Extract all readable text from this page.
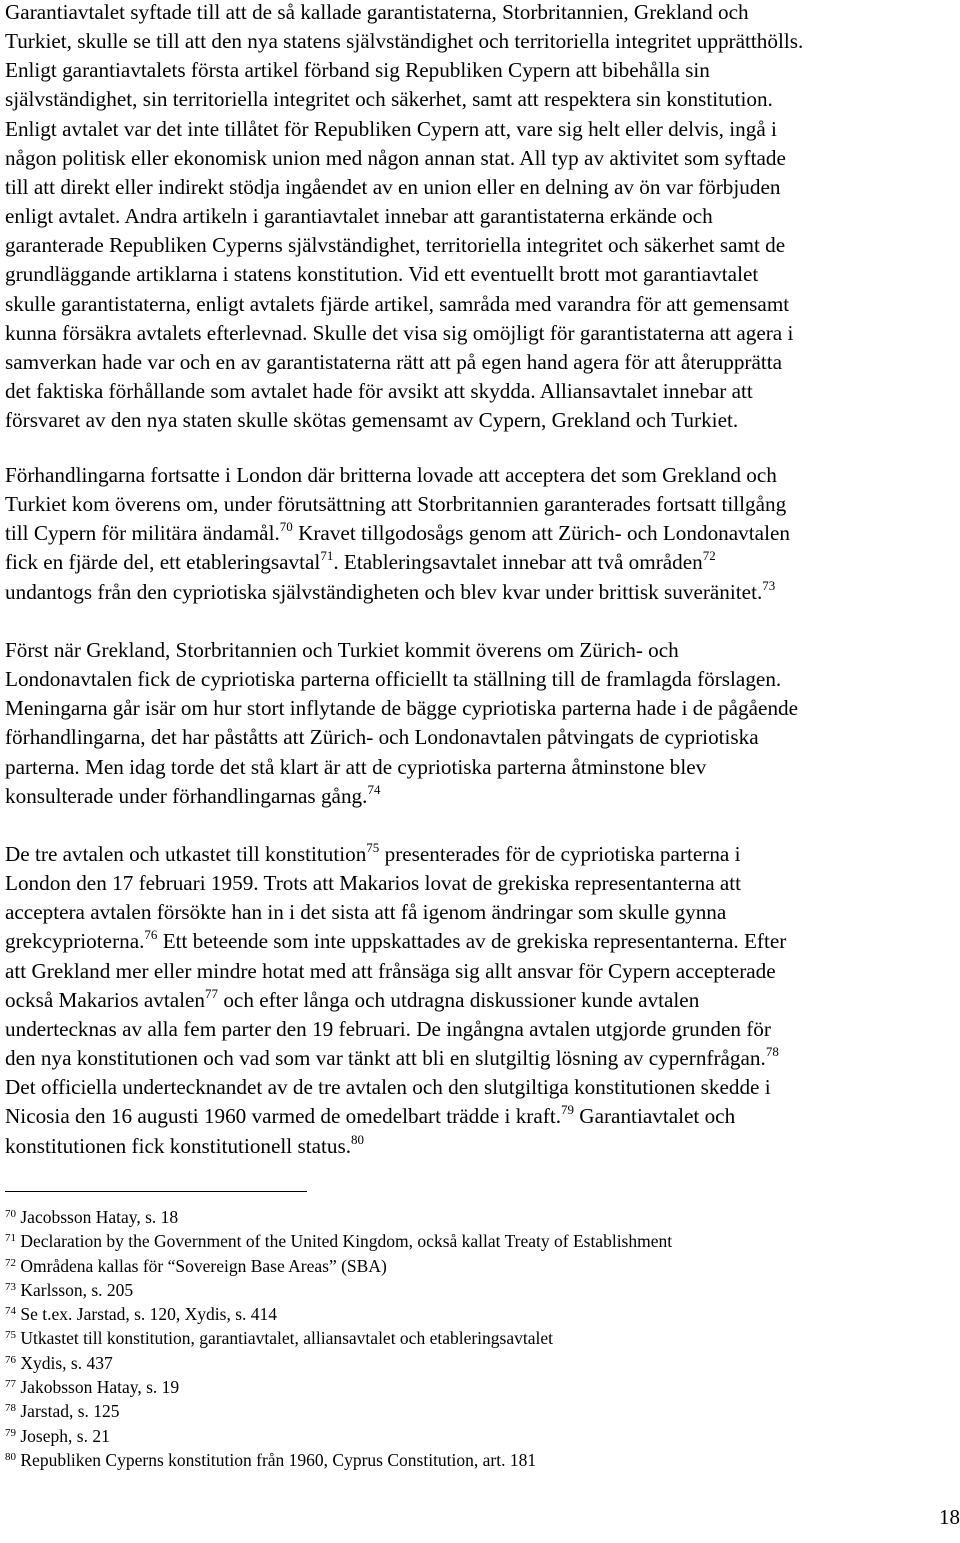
Garantiavtalet syftade till att de så kallade garantistaterna, Storbritannien, Grekland och
Turkiet, skulle se till att den nya statens självständighet och territoriella integritet upprätthölls.
Enligt garantiavtalets första artikel förband sig Republiken Cypern att bibehålla sin
självständighet, sin territoriella integritet och säkerhet, samt att respektera sin konstitution.
Enligt avtalet var det inte tillåtet för Republiken Cypern att, vare sig helt eller delvis, ingå i
någon politisk eller ekonomisk union med någon annan stat. All typ av aktivitet som syftade
till att direkt eller indirekt stödja ingåendet av en union eller en delning av ön var förbjuden
enligt avtalet. Andra artikeln i garantiavtalet innebar att garantistaterna erkände och
garanterade Republiken Cyperns självständighet, territoriella integritet och säkerhet samt de
grundläggande artiklarna i statens konstitution. Vid ett eventuellt brott mot garantiavtalet
skulle garantistaterna, enligt avtalets fjärde artikel, samråda med varandra för att gemensamt
kunna försäkra avtalets efterlevnad. Skulle det visa sig omöjligt för garantistaterna att agera i
samverkan hade var och en av garantistaterna rätt att på egen hand agera för att återupprätta
det faktiska förhållande som avtalet hade för avsikt att skydda. Alliansavtalet innebar att
försvaret av den nya staten skulle skötas gemensamt av Cypern, Grekland och Turkiet.

Förhandlingarna fortsatte i London där britterna lovade att acceptera det som Grekland och
Turkiet kom överens om, under förutsättning att Storbritannien garanterades fortsatt tillgång
till Cypern för militära ändamål.$^{70}$ Kravet tillgodosågs genom att Zürich- och Londonavtalen
fick en fjärde del, ett etableringsavtal$^{71}$. Etableringsavtalet innebar att två områden$^{72}$
undantogs från den cypriotiska självständigheten och blev kvar under brittisk suveränitet.$^{73}$

Först när Grekland, Storbritannien och Turkiet kommit överens om Zürich- och
Londonavtalen fick de cypriotiska parterna officiellt ta ställning till de framlagda förslagen.
Meningarna går isär om hur stort inflytande de bägge cypriotiska parterna hade i de pågående
förhandlingarna, det har påståtts att Zürich- och Londonavtalen påtvingats de cypriotiska
parterna. Men idag torde det stå klart är att de cypriotiska parterna åtminstone blev
konsulterade under förhandlingarnas gång.$^{74}$

De tre avtalen och utkastet till konstitution$^{75}$ presenterades för de cypriotiska parterna i
London den 17 februari 1959. Trots att Makarios lovat de grekiska representanterna att
acceptera avtalen försökte han in i det sista att få igenom ändringar som skulle gynna
grekcyprioterna.$^{76}$ Ett beteende som inte uppskattades av de grekiska representanterna. Efter
att Grekland mer eller mindre hotat med att frånsäga sig allt ansvar för Cypern accepterade
också Makarios avtalen$^{77}$ och efter långa och utdragna diskussioner kunde avtalen
undertecknas av alla fem parter den 19 februari. De ingångna avtalen utgjorde grunden för
den nya konstitutionen och vad som var tänkt att bli en slutgiltig lösning av cypernfrågan.$^{78}$
Det officiella undertecknandet av de tre avtalen och den slutgiltiga konstitutionen skedde i
Nicosia den 16 augusti 1960 varmed de omedelbart trädde i kraft.$^{79}$ Garantiavtalet och
konstitutionen fick konstitutionell status.$^{80}$

$^{70}$ Jacobsson Hatay, s. 18
$^{71}$ Declaration by the Government of the United Kingdom, också kallat Treaty of Establishment
$^{72}$ Områdena kallas för “Sovereign Base Areas” (SBA)
$^{73}$ Karlsson, s. 205
$^{74}$ Se t.ex. Jarstad, s. 120, Xydis, s. 414
$^{75}$ Utkastet till konstitution, garantiavtalet, alliansavtalet och etableringsavtalet
$^{76}$ Xydis, s. 437
$^{77}$ Jakobsson Hatay, s. 19
$^{78}$ Jarstad, s. 125
$^{79}$ Joseph, s. 21
$^{80}$ Republiken Cyperns konstitution från 1960, Cyprus Constitution, art. 181
18
